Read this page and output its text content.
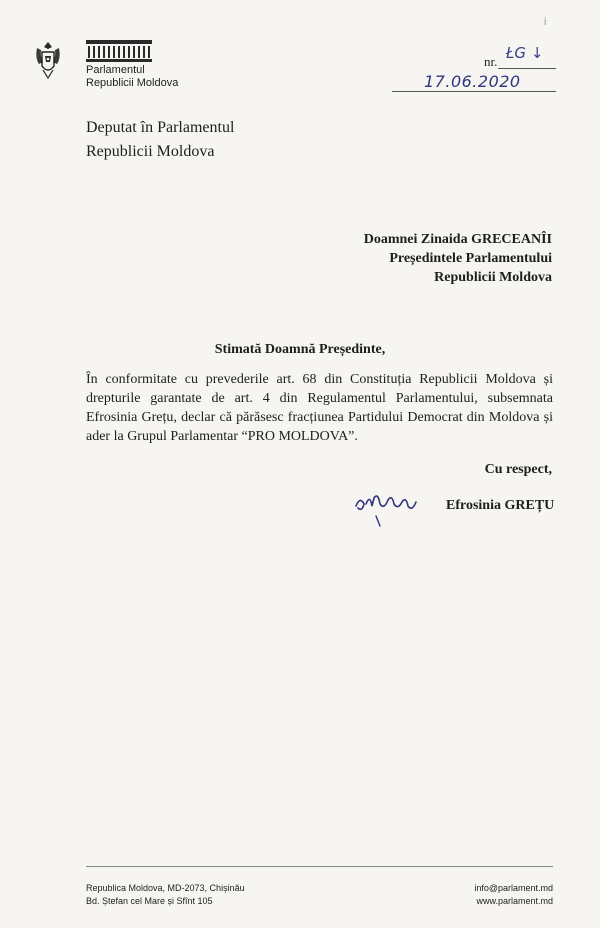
Parlamentul
Republicii Moldova
i
nr. ŁG ↓
17.06.2020
Deputat în Parlamentul
Republicii Moldova
Doamnei Zinaida GRECEANÎI
Președintele Parlamentului
Republicii Moldova
Stimată Doamnă Președinte,
În conformitate cu prevederile art. 68 din Constituția Republicii Moldova și drepturile garantate de art. 4 din Regulamentul Parlamentului, subsemnata Efrosinia Grețu, declar că părăsesc fracțiunea Partidului Democrat din Moldova și ader la Grupul Parlamentar “PRO MOLDOVA”.
Cu respect,
Efrosinia GREȚU
Republica Moldova, MD-2073, Chișinău
Bd. Ștefan cel Mare și Sfînt 105
info@parlament.md
www.parlament.md
